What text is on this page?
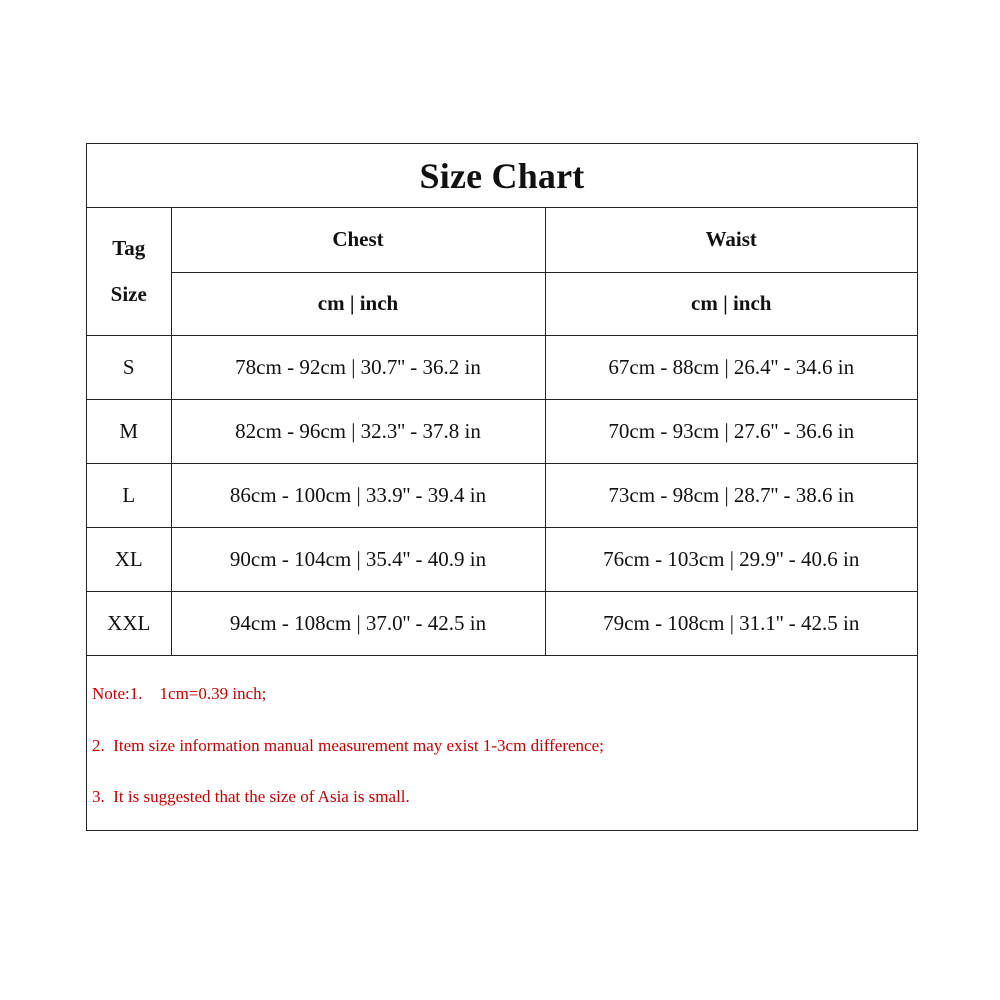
Size Chart
Tag
Size	Chest	Waist
	cm | inch	cm | inch
S	78cm - 92cm | 30.7'' - 36.2 in	67cm - 88cm | 26.4'' - 34.6 in
M	82cm - 96cm | 32.3'' - 37.8 in	70cm - 93cm | 27.6'' - 36.6 in
L	86cm - 100cm | 33.9'' - 39.4 in	73cm - 98cm | 28.7'' - 38.6 in
XL	90cm - 104cm | 35.4'' - 40.9 in	76cm - 103cm | 29.9'' - 40.6 in
XXL	94cm - 108cm | 37.0'' - 42.5 in	79cm - 108cm | 31.1'' - 42.5 in
Note:1.    1cm=0.39 inch;
2.  Item size information manual measurement may exist 1-3cm difference;
3.  It is suggested that the size of Asia is small.
